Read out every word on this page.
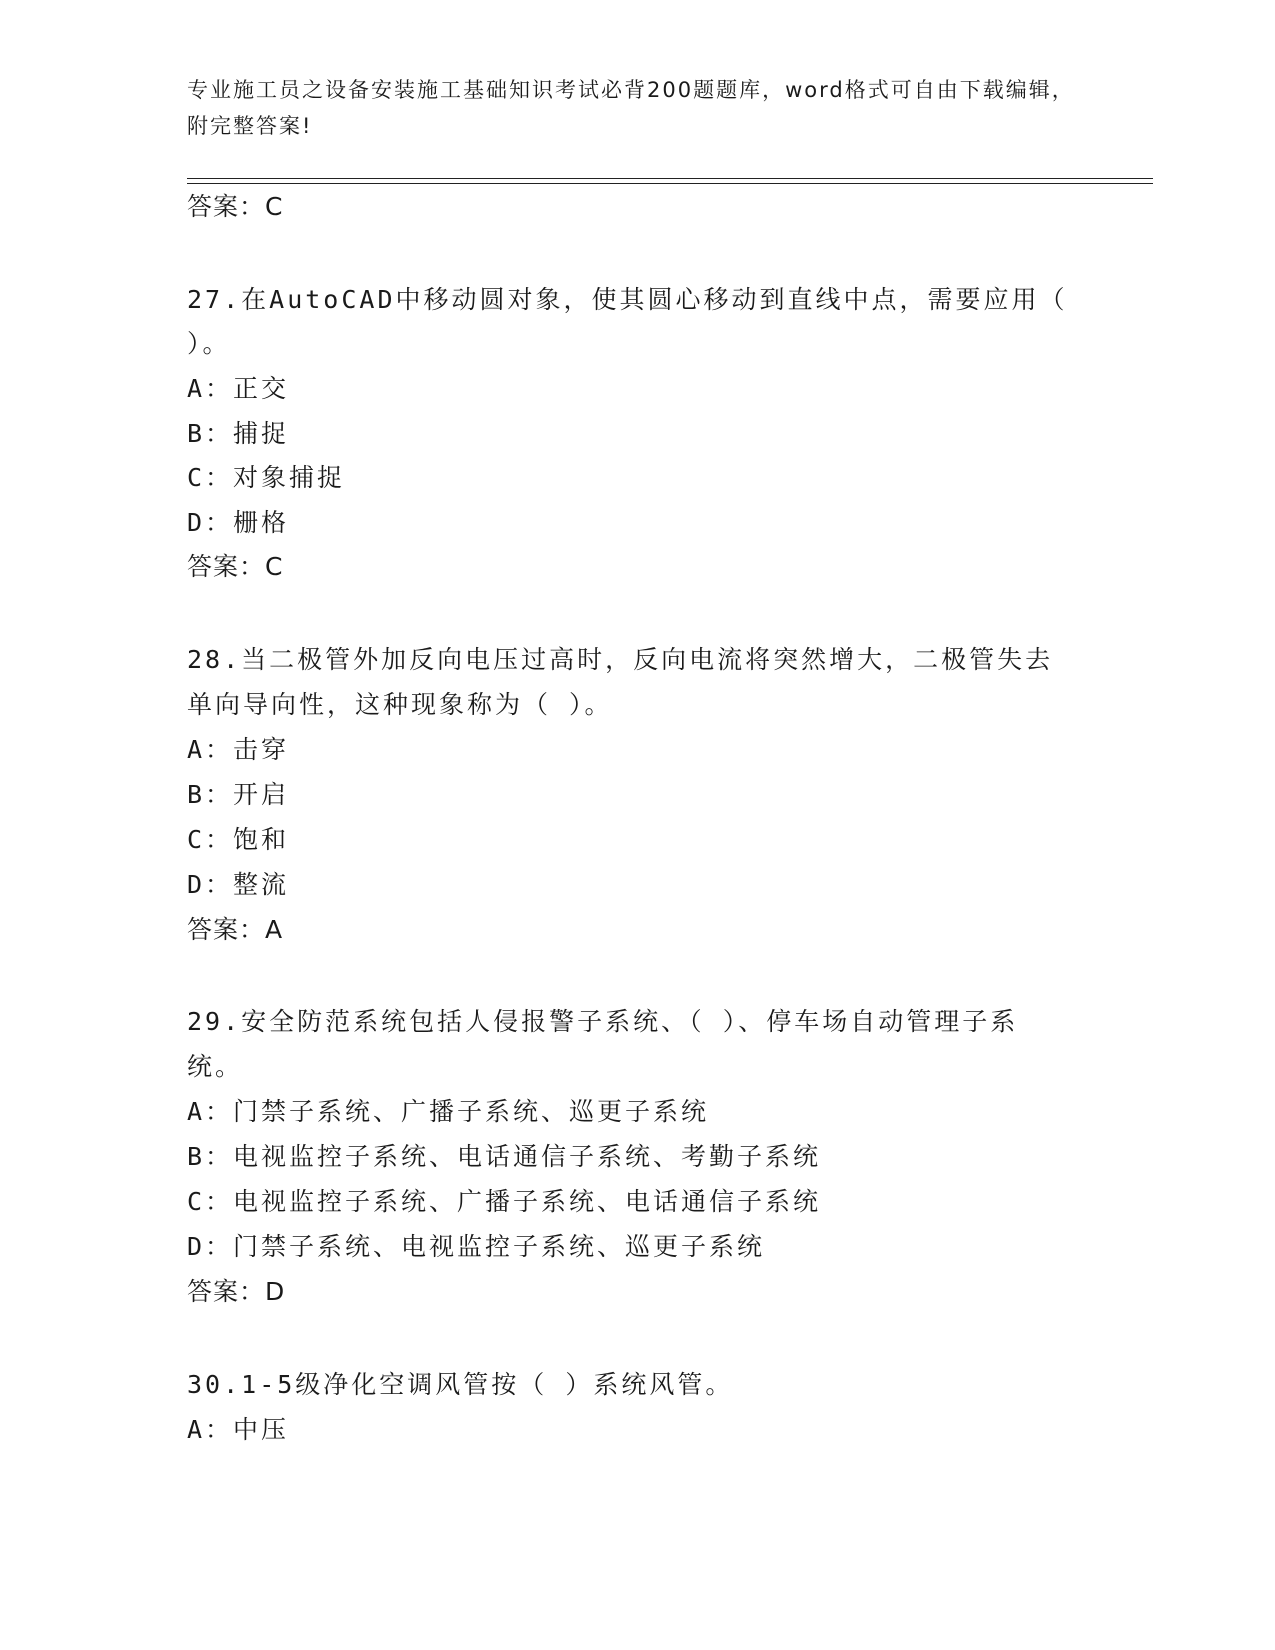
专业施工员之设备安装施工基础知识考试必背200题题库，word格式可自由下载编辑，附完整答案!
答案：C
27.在AutoCAD中移动圆对象，使其圆心移动到直线中点，需要应用（
）。
A：正交
B：捕捉
C：对象捕捉
D：栅格
答案：C
28.当二极管外加反向电压过高时，反向电流将突然增大，二极管失去
单向导向性，这种现象称为（ ）。
A：击穿
B：开启
C：饱和
D：整流
答案：A
29.安全防范系统包括人侵报警子系统、（ ）、停车场自动管理子系
统。
A：门禁子系统、广播子系统、巡更子系统
B：电视监控子系统、电话通信子系统、考勤子系统
C：电视监控子系统、广播子系统、电话通信子系统
D：门禁子系统、电视监控子系统、巡更子系统
答案：D
30.1-5级净化空调风管按（ ）系统风管。
A：中压
